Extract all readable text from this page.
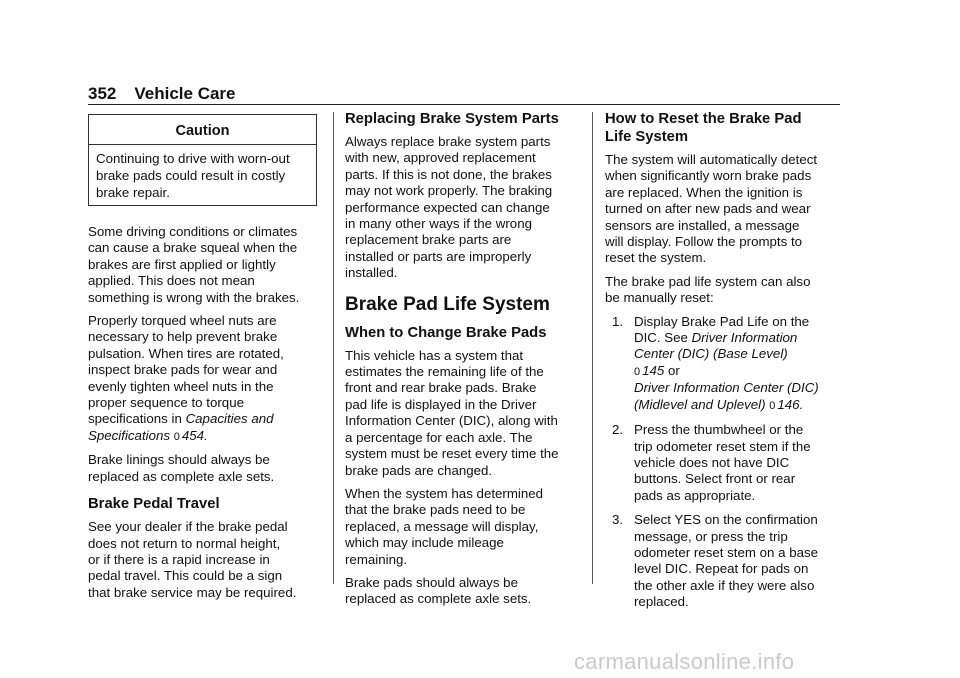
352 Vehicle Care
Caution
Continuing to drive with worn-out
brake pads could result in costly
brake repair.

Some driving conditions or climates
can cause a brake squeal when the
brakes are first applied or lightly
applied. This does not mean
something is wrong with the brakes.

Properly torqued wheel nuts are
necessary to help prevent brake
pulsation. When tires are rotated,
inspect brake pads for wear and
evenly tighten wheel nuts in the
proper sequence to torque
specifications in Capacities and
Specifications 0 454.

Brake linings should always be
replaced as complete axle sets.

Brake Pedal Travel

See your dealer if the brake pedal
does not return to normal height,
or if there is a rapid increase in
pedal travel. This could be a sign
that brake service may be required.

Replacing Brake System Parts

Always replace brake system parts
with new, approved replacement
parts. If this is not done, the brakes
may not work properly. The braking
performance expected can change
in many other ways if the wrong
replacement brake parts are
installed or parts are improperly
installed.

Brake Pad Life System
When to Change Brake Pads

This vehicle has a system that
estimates the remaining life of the
front and rear brake pads. Brake
pad life is displayed in the Driver
Information Center (DIC), along with
a percentage for each axle. The
system must be reset every time the
brake pads are changed.

When the system has determined
that the brake pads need to be
replaced, a message will display,
which may include mileage
remaining.

Brake pads should always be
replaced as complete axle sets.

How to Reset the Brake Pad
Life System

The system will automatically detect
when significantly worn brake pads
are replaced. When the ignition is
turned on after new pads and wear
sensors are installed, a message
will display. Follow the prompts to
reset the system.

The brake pad life system can also
be manually reset:

1. Display Brake Pad Life on the
DIC. See Driver Information
Center (DIC) (Base Level)
0 145 or
Driver Information Center (DIC)
(Midlevel and Uplevel) 0 146.
2. Press the thumbwheel or the
trip odometer reset stem if the
vehicle does not have DIC
buttons. Select front or rear
pads as appropriate.
3. Select YES on the confirmation
message, or press the trip
odometer reset stem on a base
level DIC. Repeat for pads on
the other axle if they were also
replaced.
carmanualsonline.info
